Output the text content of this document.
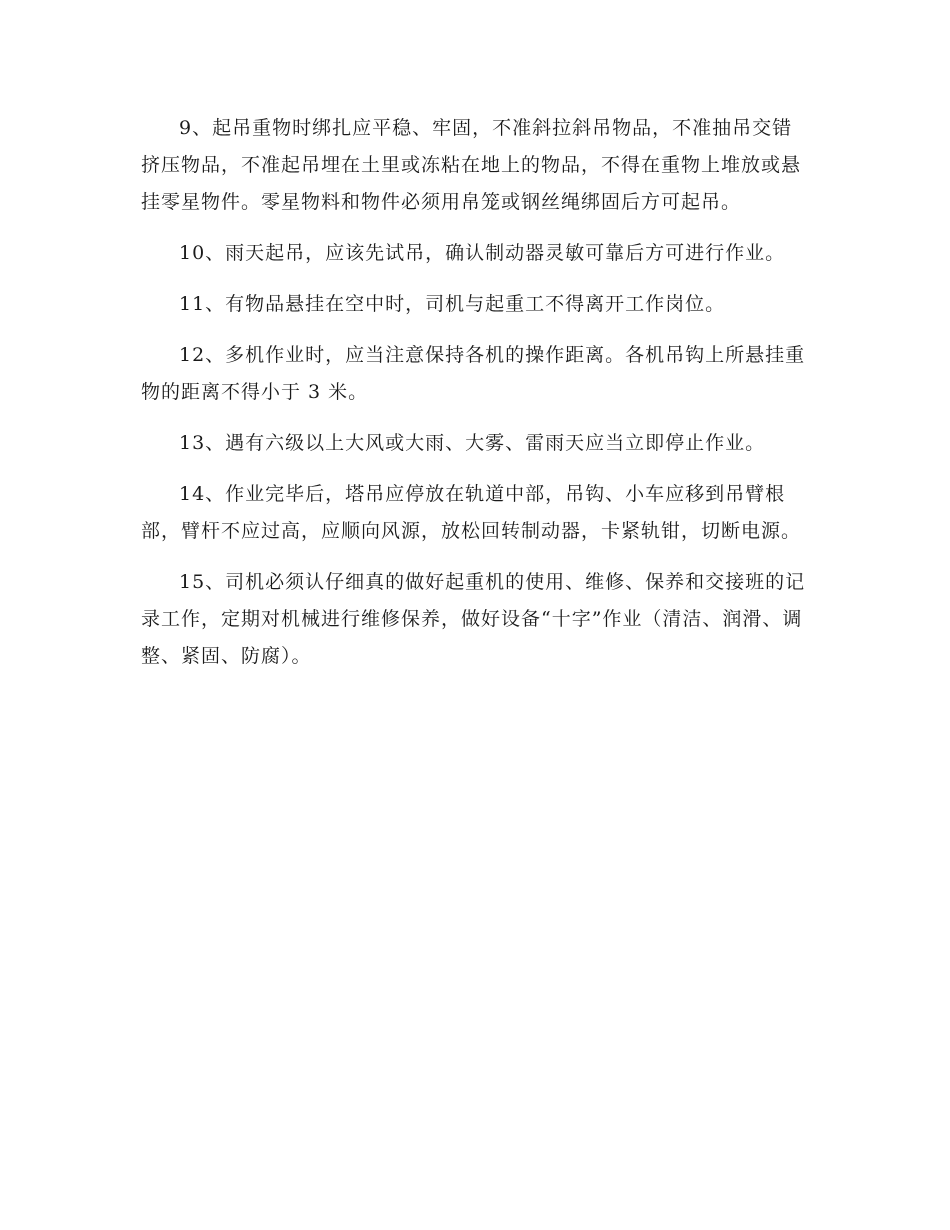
9、起吊重物时绑扎应平稳、牢固，不准斜拉斜吊物品，不准抽吊交错挤压物品，不准起吊埋在土里或冻粘在地上的物品，不得在重物上堆放或悬挂零星物件。零星物料和物件必须用帛笼或钢丝绳绑固后方可起吊。

10、雨天起吊，应该先试吊，确认制动器灵敏可靠后方可进行作业。

11、有物品悬挂在空中时，司机与起重工不得离开工作岗位。

12、多机作业时，应当注意保持各机的操作距离。各机吊钩上所悬挂重物的距离不得小于 3 米。

13、遇有六级以上大风或大雨、大雾、雷雨天应当立即停止作业。

14、作业完毕后，塔吊应停放在轨道中部，吊钩、小车应移到吊臂根部，臂杆不应过高，应顺向风源，放松回转制动器，卡紧轨钳，切断电源。

15、司机必须认仔细真的做好起重机的使用、维修、保养和交接班的记录工作，定期对机械进行维修保养，做好设备“十字”作业（清洁、润滑、调整、紧固、防腐）。
